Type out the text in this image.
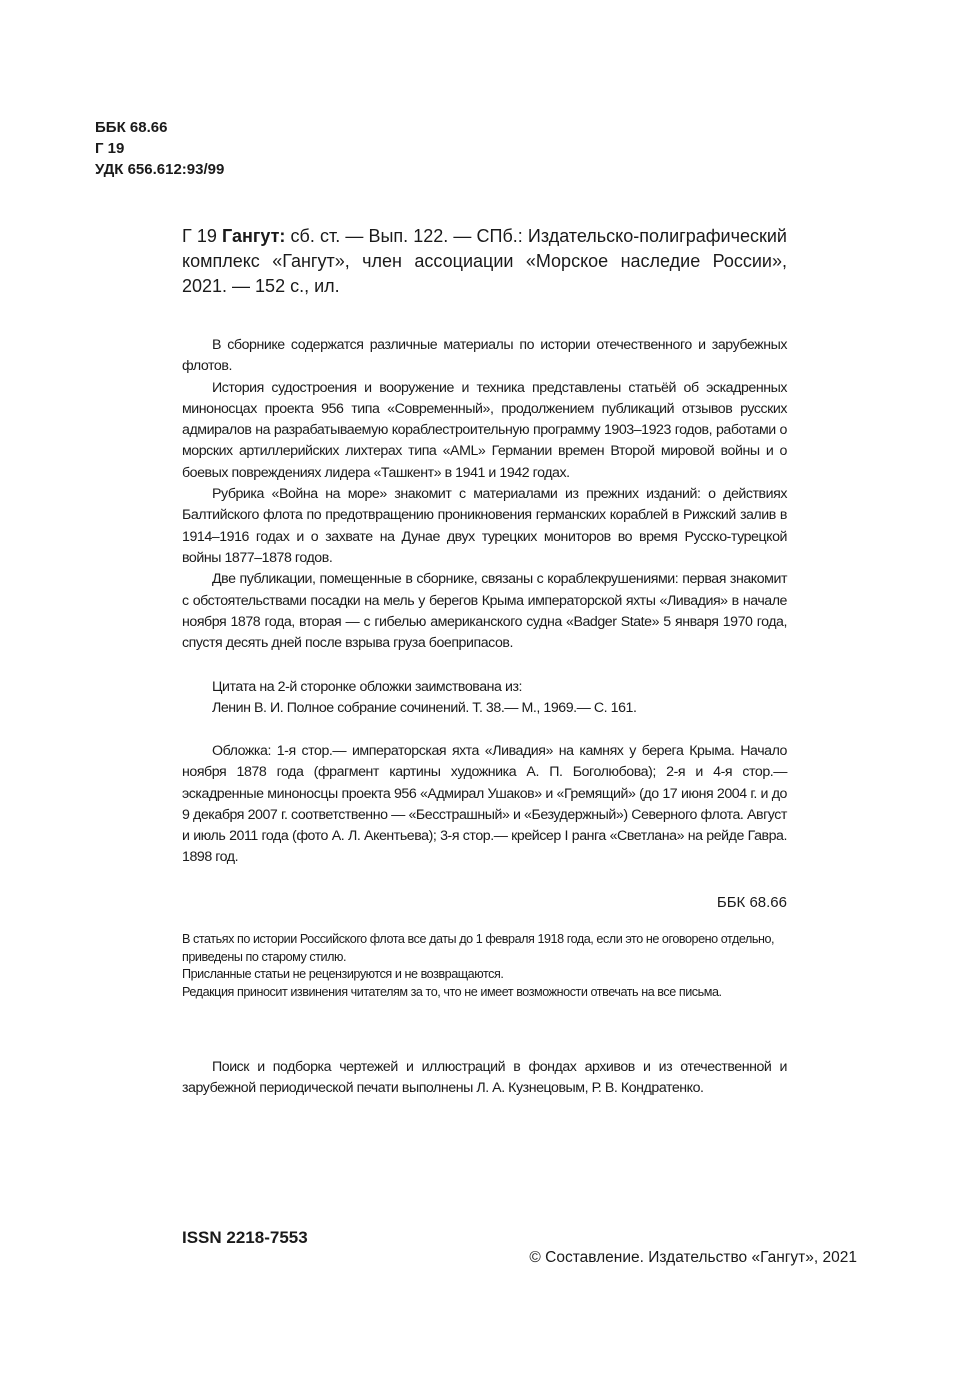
ББК 68.66
Г 19
УДК 656.612:93/99
Г 19 Гангут: сб. ст. — Вып. 122. — СПб.: Издательско-полиграфический комплекс «Гангут», член ассоциации «Морское наследие России», 2021. — 152 с., ил.

В сборнике содержатся различные материалы по истории отечественного и зарубежных флотов.

История судостроения и вооружение и техника представлены статьёй об эскадренных миноносцах проекта 956 типа «Современный», продолжением публикаций отзывов русских адмиралов на разрабатываемую кораблестроительную программу 1903–1923 годов, работами о морских артиллерийских лихтерах типа «AML» Германии времен Второй мировой войны и о боевых повреждениях лидера «Ташкент» в 1941 и 1942 годах.

Рубрика «Война на море» знакомит с материалами из прежних изданий: о действиях Балтийского флота по предотвращению проникновения германских кораблей в Рижский залив в 1914–1916 годах и о захвате на Дунае двух турецких мониторов во время Русско-турецкой войны 1877–1878 годов.

Две публикации, помещенные в сборнике, связаны с кораблекрушениями: первая знакомит с обстоятельствами посадки на мель у берегов Крыма императорской яхты «Ливадия» в начале ноября 1878 года, вторая — с гибелью американского судна «Badger State» 5 января 1970 года, спустя десять дней после взрыва груза боеприпасов.

Цитата на 2-й сторонке обложки заимствована из:
Ленин В. И. Полное собрание сочинений. Т. 38.— М., 1969.— С. 161.
Обложка: 1-я стор.— императорская яхта «Ливадия» на камнях у берега Крыма. Начало ноября 1878 года (фрагмент картины художника А. П. Боголюбова); 2-я и 4-я стор.— эскадренные миноносцы проекта 956 «Адмирал Ушаков» и «Гремящий» (до 17 июня 2004 г. и до 9 декабря 2007 г. соответственно — «Бесстрашный» и «Безудержный») Северного флота. Август и июль 2011 года (фото А. Л. Акентьева); 3-я стор.— крейсер I ранга «Светлана» на рейде Гавра. 1898 год.
ББК 68.66
В статьях по истории Российского флота все даты до 1 февраля 1918 года, если это не оговорено отдельно, приведены по старому стилю.
Присланные статьи не рецензируются и не возвращаются.
Редакция приносит извинения читателям за то, что не имеет возможности отвечать на все письма.
Поиск и подборка чертежей и иллюстраций в фондах архивов и из отечественной и зарубежной периодической печати выполнены Л. А. Кузнецовым, Р. В. Кондратенко.
ISSN 2218-7553
© Составление. Издательство «Гангут», 2021
